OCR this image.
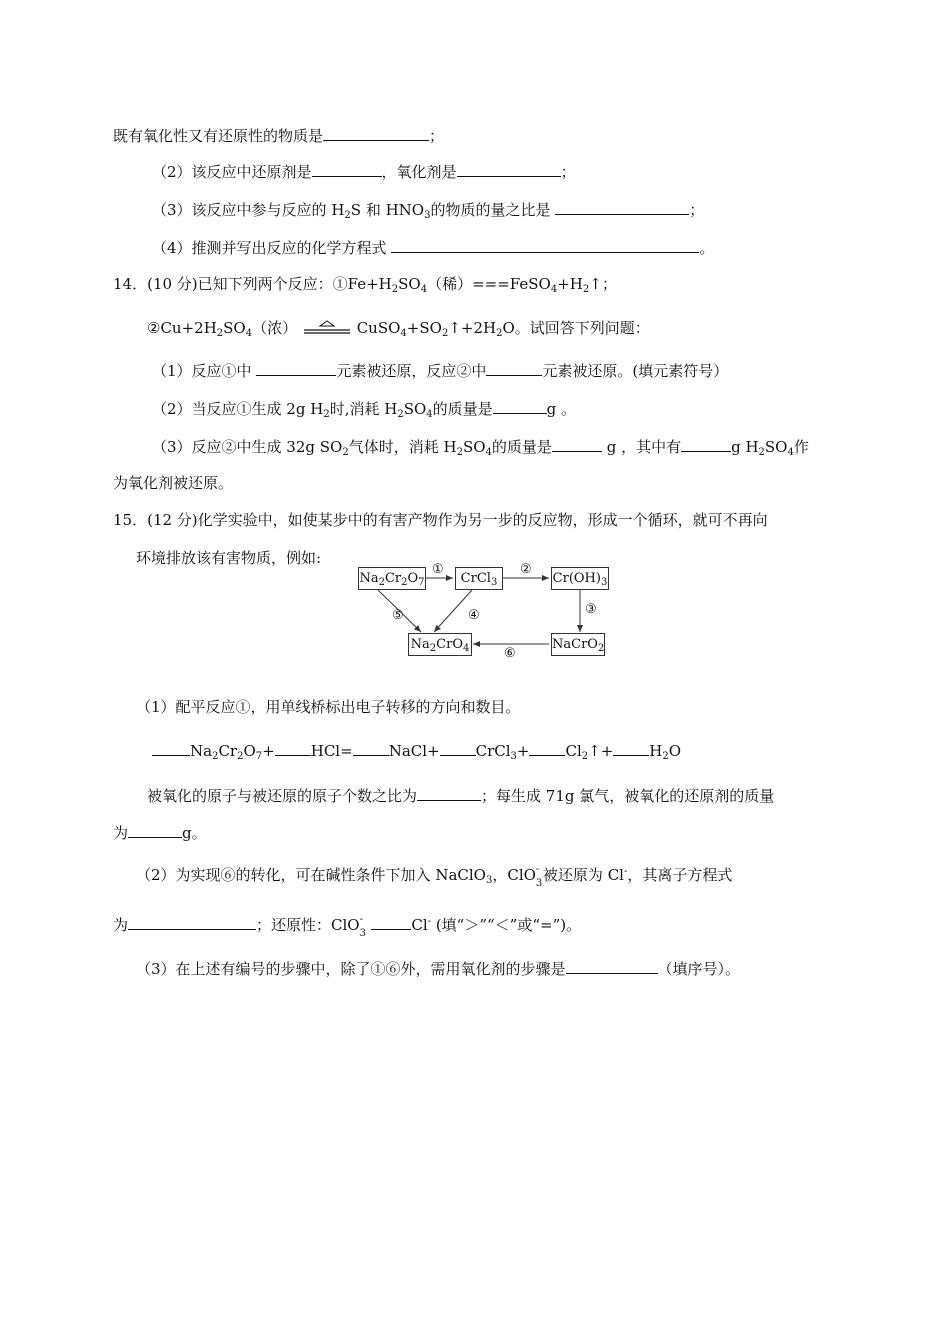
既有氧化性又有还原性的物质是	；
（2）该反应中还原剂是	，氧化剂是	；
（3）该反应中参与反应的 $H_2S$ 和 $HNO_3$的物质的量之比是	；
（4）推测并写出反应的化学方程式	。
14．(10 分)已知下列两个反应：$①Fe+H_2SO_4$（稀）$===FeSO_4+H_2↑$；
$②Cu+2H_2SO_4$（浓）	$CuSO_4+SO_2↑+2H_2O$。试回答下列问题：
（1）反应①中	元素被还原，反应②中	元素被还原。(填元素符号）
（2）当反应①生成 2g $H_2$时,消耗 $H_2SO_4$的质量是	g 。
（3）反应②中生成 32g $SO_2$气体时，消耗 $H_2SO_4$的质量是	g ，其中有	g $H_2SO_4$作
为氧化剂被还原。
15．(12 分)化学实验中，如使某步中的有害产物作为另一步的反应物，形成一个循环，就可不再向
环境排放该有害物质，例如:
$Na_2Cr_2O_7$	CrCl$_3$	$Cr(OH)_3$
$Na_2CrO_4$	NaCrO$_2$
①	②
③
④
⑤
⑥
（1）配平反应①，用单线桥标出电子转移的方向和数目。
$Na_2Cr_2O_7+ HCl=$ NaCl+ CrCl$_3$+ $Cl_2↑+ H_2O$
被氧化的原子与被还原的原子个数之比为	；每生成 71g 氯气，被氧化的还原剂的质量
为	g。
（2）为实现⑥的转化，可在碱性条件下加入 NaClO$_3$，ClO -
3 被还原为 Cl-，其离子方程式
为	；还原性：ClO -
3	Cl- (填“＞”“＜”或“=”)。
（3）在上述有编号的步骤中，除了①⑥外，需用氧化剂的步骤是	（填序号）。
